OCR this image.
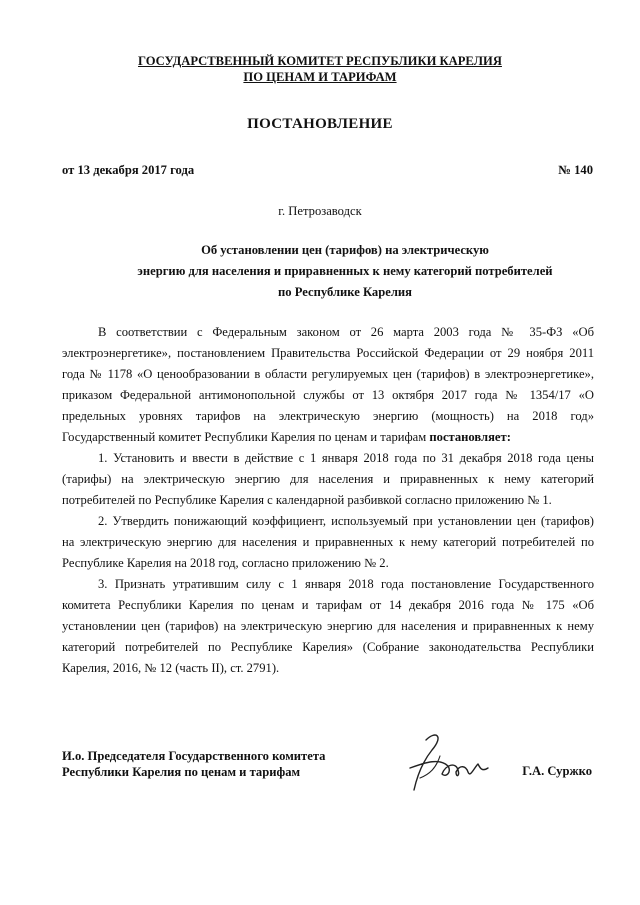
ГОСУДАРСТВЕННЫЙ КОМИТЕТ РЕСПУБЛИКИ КАРЕЛИЯ
ПО ЦЕНАМ И ТАРИФАМ
ПОСТАНОВЛЕНИЕ
от 13 декабря 2017 года	№ 140
г. Петрозаводск
Об установлении цен (тарифов) на электрическую
энергию для населения и приравненных к нему категорий потребителей
по Республике Карелия

В соответствии с Федеральным законом от 26 марта 2003 года № 35-ФЗ «Об электроэнергетике», постановлением Правительства Российской Федерации от 29 ноября 2011 года № 1178 «О ценообразовании в области регулируемых цен (тарифов) в электроэнергетике», приказом Федеральной антимонопольной службы от 13 октября 2017 года № 1354/17 «О предельных уровнях тарифов на электрическую энергию (мощность) на 2018 год» Государственный комитет Республики Карелия по ценам и тарифам постановляет:

1. Установить и ввести в действие с 1 января 2018 года по 31 декабря 2018 года цены (тарифы) на электрическую энергию для населения и приравненных к нему категорий потребителей по Республике Карелия с календарной разбивкой согласно приложению № 1.

2. Утвердить понижающий коэффициент, используемый при установлении цен (тарифов) на электрическую энергию для населения и приравненных к нему категорий потребителей по Республике Карелия на 2018 год, согласно приложению № 2.

3. Признать утратившим силу с 1 января 2018 года постановление Государственного комитета Республики Карелия по ценам и тарифам от 14 декабря 2016 года № 175 «Об установлении цен (тарифов) на электрическую энергию для населения и приравненных к нему категорий потребителей по Республике Карелия» (Собрание законодательства Республики Карелия, 2016, № 12 (часть II), ст. 2791).

И.о. Председателя Государственного комитета
Республики Карелия по ценам и тарифам	Г.А. Суржко
